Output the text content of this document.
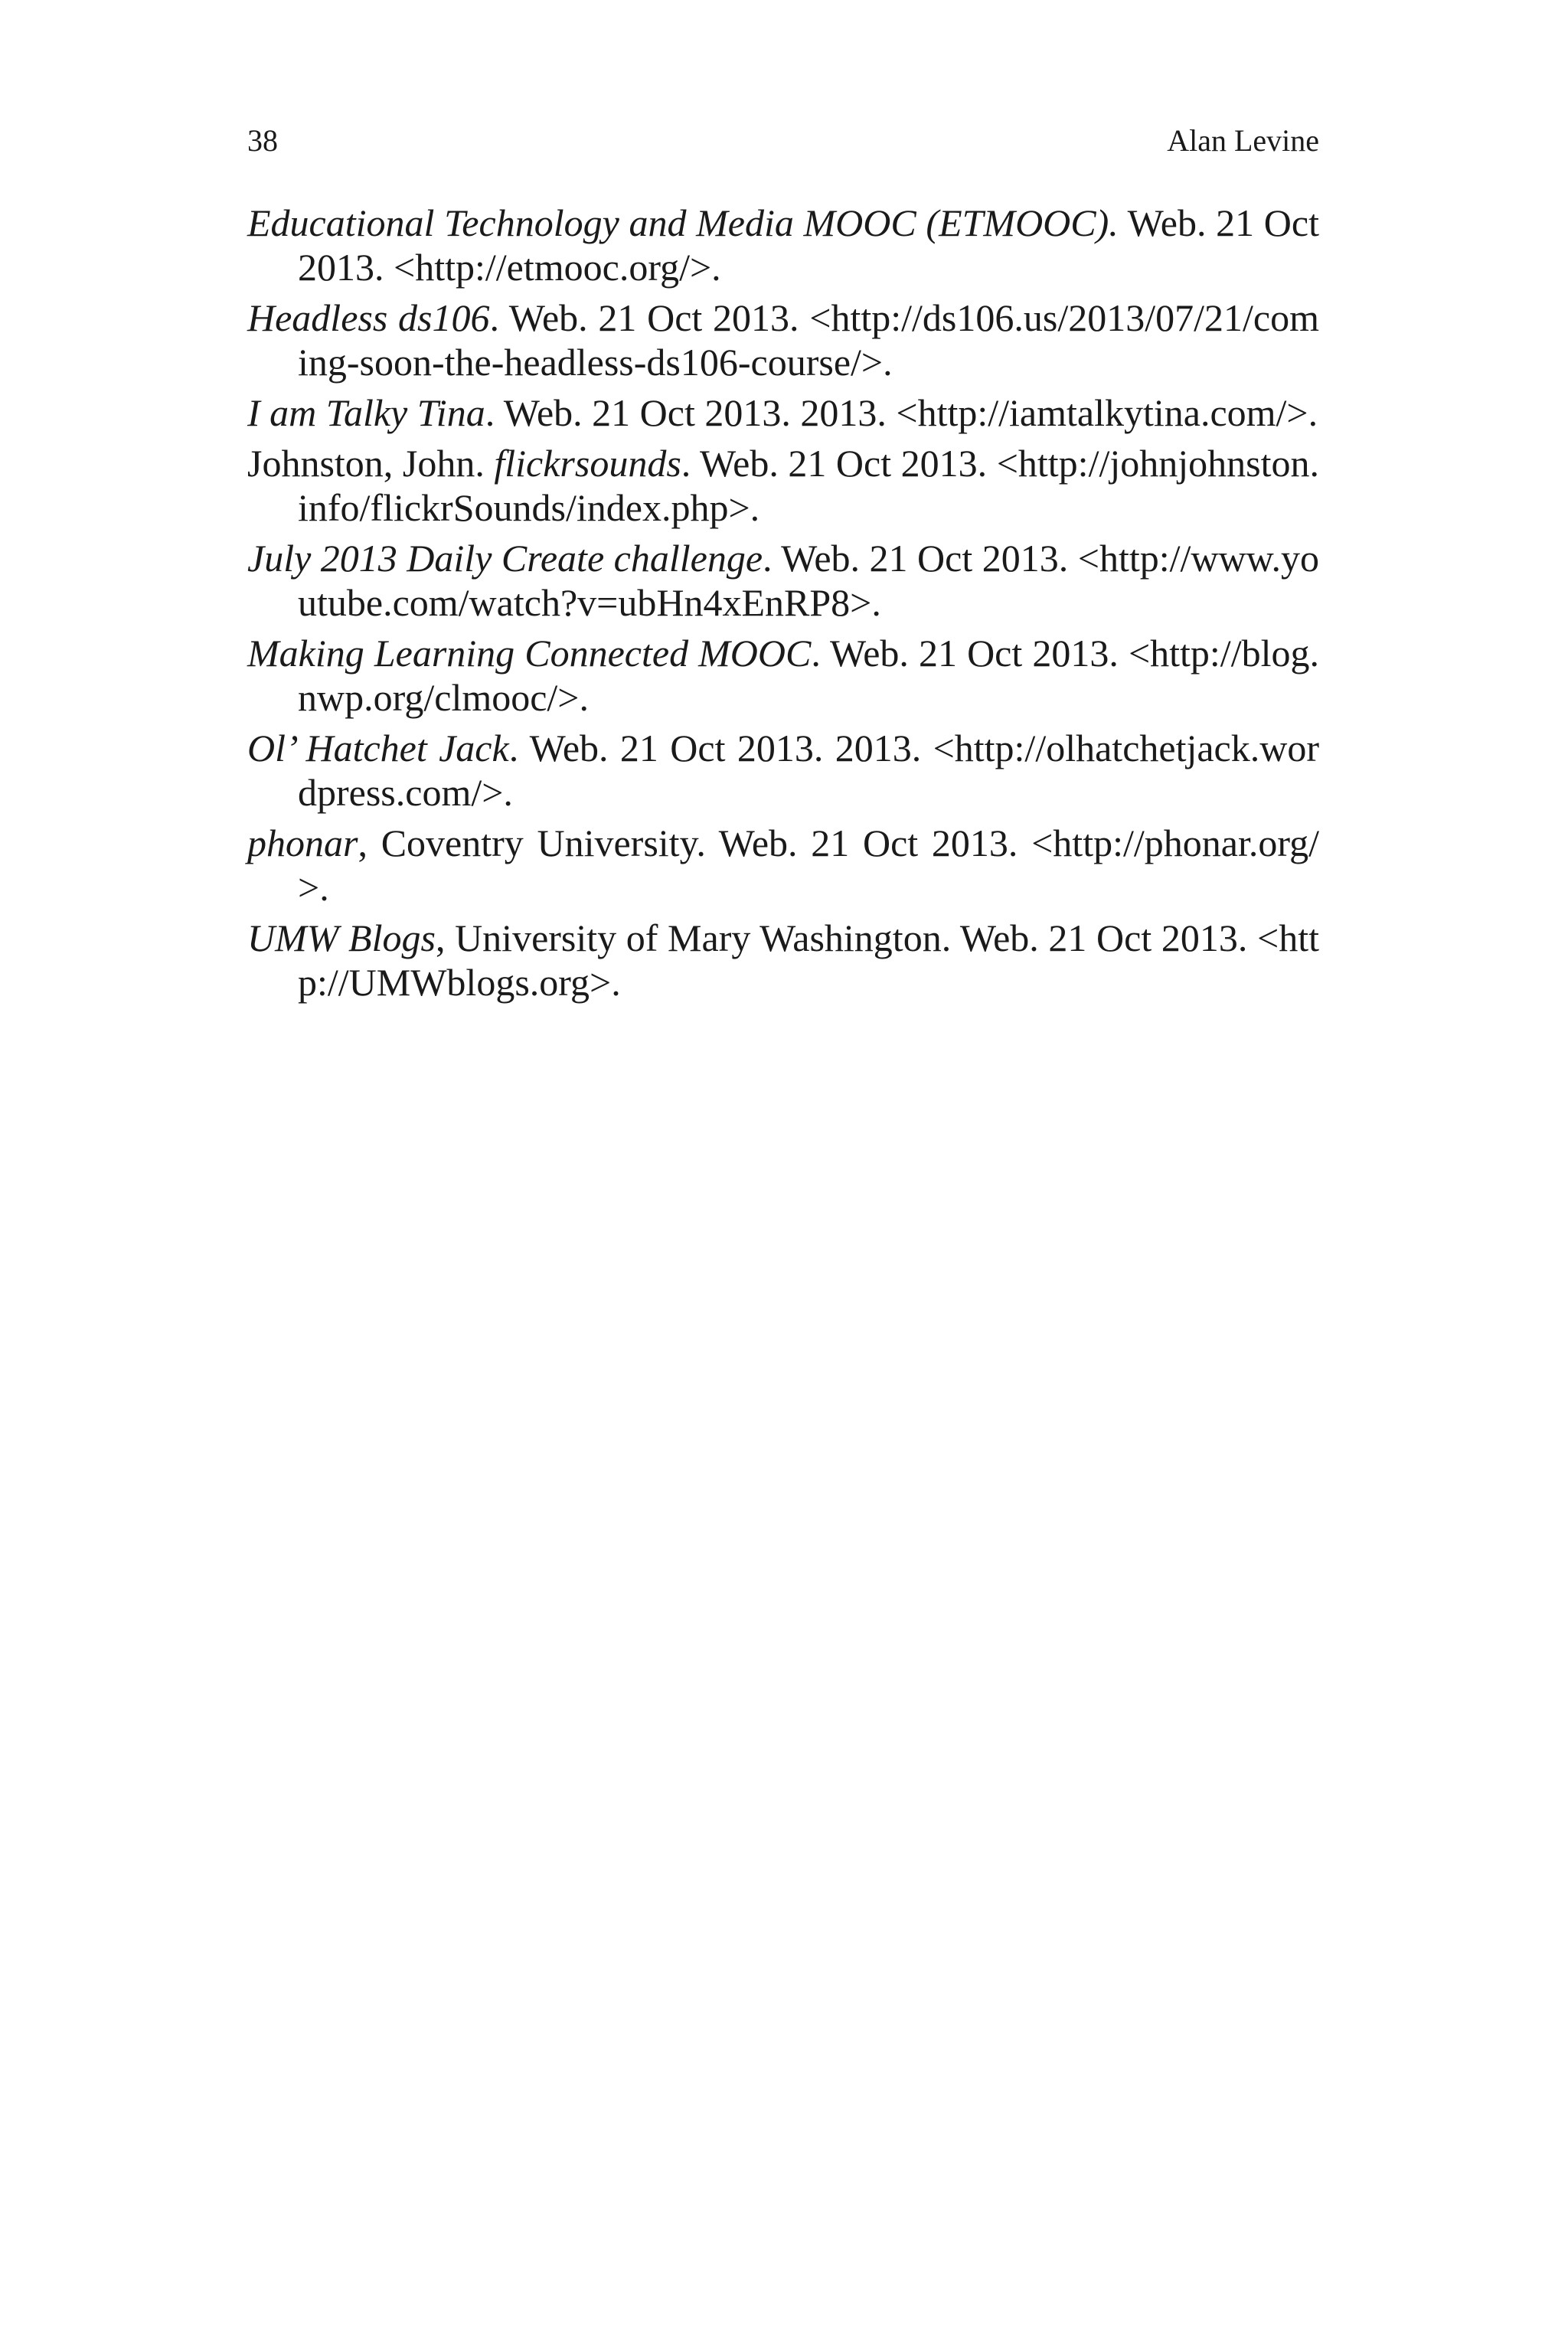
38	Alan Levine
Educational Technology and Media MOOC (ETMOOC). Web. 21 Oct 2013. <http://etmooc.org/>.
Headless ds106. Web. 21 Oct 2013. <http://ds106.us/2013/07/21/coming-soon-the-headless-ds106-course/>.
I am Talky Tina. Web. 21 Oct 2013. 2013. <http://iamtalkytina.com/>.
Johnston, John. flickrsounds. Web. 21 Oct 2013. <http://johnjohnston.info/flickrSounds/index.php>.
July 2013 Daily Create challenge. Web. 21 Oct 2013. <http://www.youtube.com/watch?v=ubHn4xEnRP8>.
Making Learning Connected MOOC. Web. 21 Oct 2013. <http://blog.nwp.org/clmooc/>.
Ol’ Hatchet Jack. Web. 21 Oct 2013. 2013. <http://olhatchetjack.wordpress.com/>.
phonar, Coventry University. Web. 21 Oct 2013. <http://phonar.org/>.
UMW Blogs, University of Mary Washington. Web. 21 Oct 2013. <http://UMWblogs.org>.
